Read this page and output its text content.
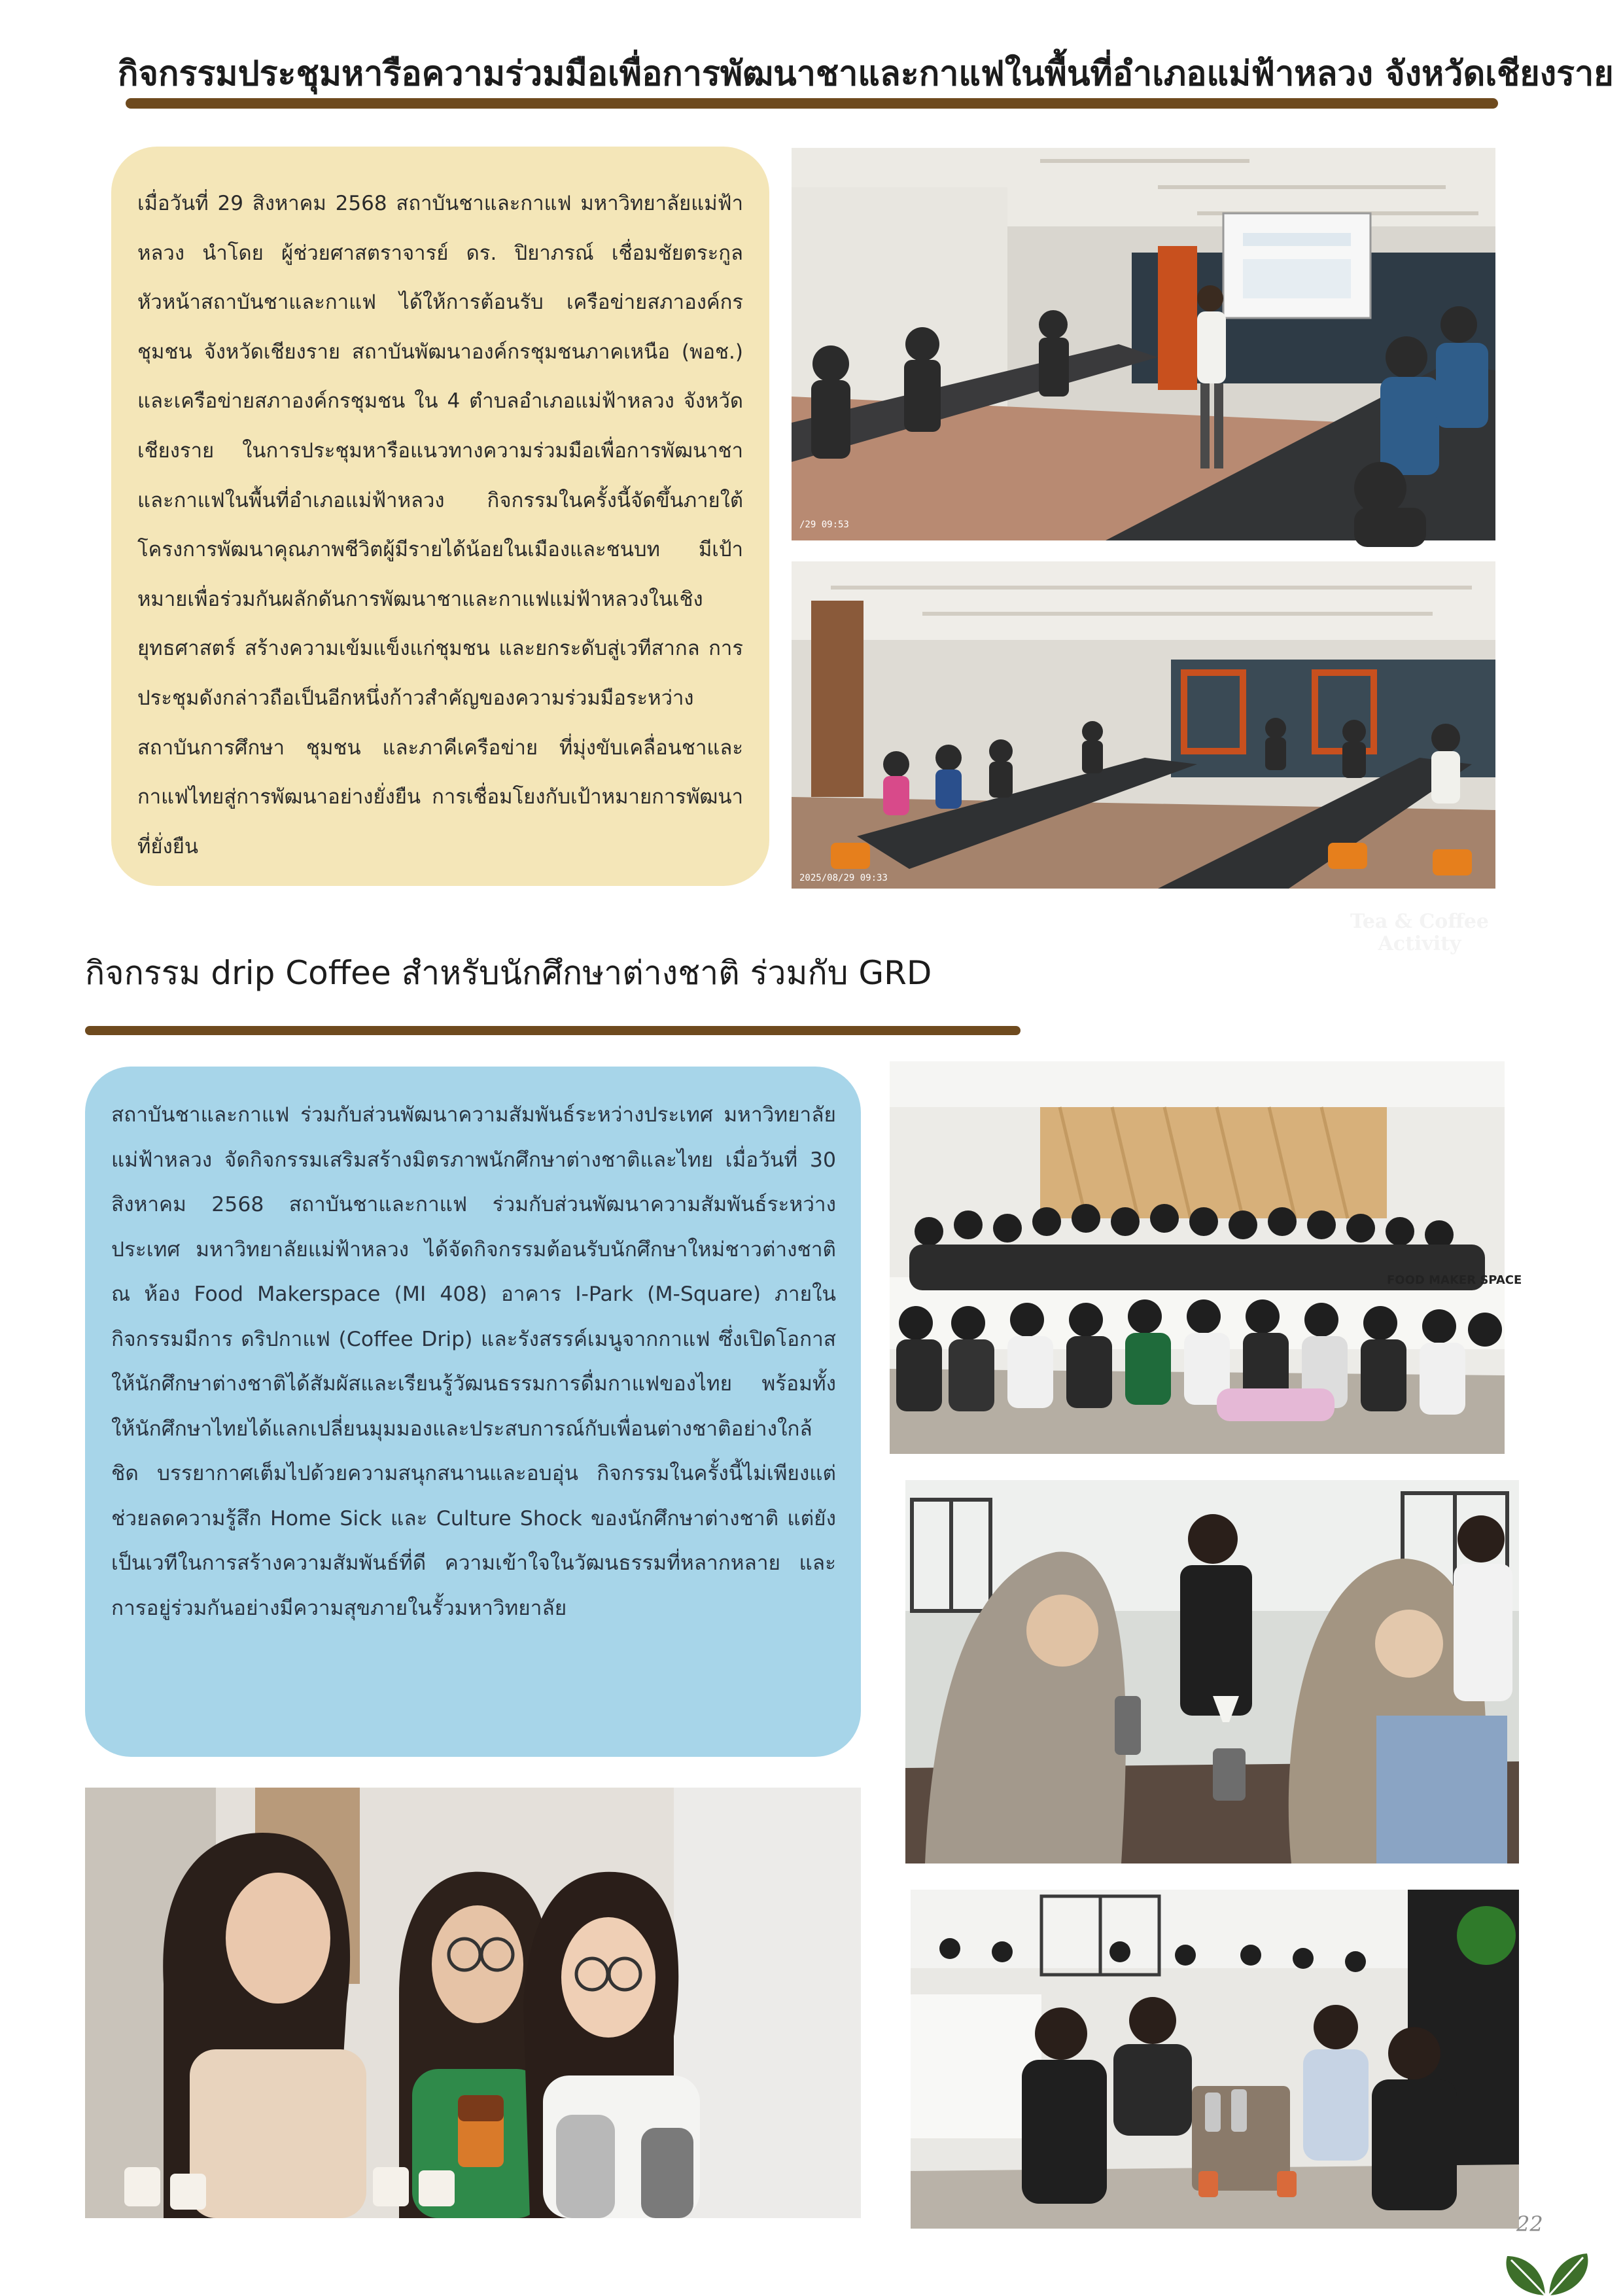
กิจกรรมประชุมหารือความร่วมมือเพื่อการพัฒนาชาและกาแฟในพื้นที่อำเภอแม่ฟ้าหลวง จังหวัดเชียงราย

เมื่อวันที่ 29 สิงหาคม 2568 สถาบันชาและกาแฟ มหาวิทยาลัยแม่ฟ้าหลวง นำโดย ผู้ช่วยศาสตราจารย์ ดร. ปิยาภรณ์ เชื่อมชัยตระกูล หัวหน้าสถาบันชาและกาแฟ ได้ให้การต้อนรับ เครือข่ายสภาองค์กรชุมชน จังหวัดเชียงราย สถาบันพัฒนาองค์กรชุมชนภาคเหนือ (พอช.) และเครือข่ายสภาองค์กรชุมชน ใน 4 ตำบลอำเภอแม่ฟ้าหลวง จังหวัดเชียงราย ในการประชุมหารือแนวทางความร่วมมือเพื่อการพัฒนาชาและกาแฟในพื้นที่อำเภอแม่ฟ้าหลวง กิจกรรมในครั้งนี้จัดขึ้นภายใต้ โครงการพัฒนาคุณภาพชีวิตผู้มีรายได้น้อยในเมืองและชนบท มีเป้าหมายเพื่อร่วมกันผลักดันการพัฒนาชาและกาแฟแม่ฟ้าหลวงในเชิงยุทธศาสตร์ สร้างความเข้มแข็งแก่ชุมชน และยกระดับสู่เวทีสากล การประชุมดังกล่าวถือเป็นอีกหนึ่งก้าวสำคัญของความร่วมมือระหว่างสถาบันการศึกษา ชุมชน และภาคีเครือข่าย ที่มุ่งขับเคลื่อนชาและกาแฟไทยสู่การพัฒนาอย่างยั่งยืน การเชื่อมโยงกับเป้าหมายการพัฒนาที่ยั่งยืน

/29 09:53
2025/08/29 09:33
Tea & Coffee
Activity
กิจกรรม drip Coffee สำหรับนักศึกษาต่างชาติ ร่วมกับ GRD

สถาบันชาและกาแฟ ร่วมกับส่วนพัฒนาความสัมพันธ์ระหว่างประเทศ มหาวิทยาลัยแม่ฟ้าหลวง จัดกิจกรรมเสริมสร้างมิตรภาพนักศึกษาต่างชาติและไทย เมื่อวันที่ 30 สิงหาคม 2568 สถาบันชาและกาแฟ ร่วมกับส่วนพัฒนาความสัมพันธ์ระหว่างประเทศ มหาวิทยาลัยแม่ฟ้าหลวง ได้จัดกิจกรรมต้อนรับนักศึกษาใหม่ชาวต่างชาติ ณ ห้อง Food Makerspace (MI 408) อาคาร I-Park (M-Square) ภายในกิจกรรมมีการ ดริปกาแฟ (Coffee Drip) และรังสรรค์เมนูจากกาแฟ ซึ่งเปิดโอกาสให้นักศึกษาต่างชาติได้สัมผัสและเรียนรู้วัฒนธรรมการดื่มกาแฟของไทย พร้อมทั้งให้นักศึกษาไทยได้แลกเปลี่ยนมุมมองและประสบการณ์กับเพื่อนต่างชาติอย่างใกล้ชิด บรรยากาศเต็มไปด้วยความสนุกสนานและอบอุ่น กิจกรรมในครั้งนี้ไม่เพียงแต่ช่วยลดความรู้สึก Home Sick และ Culture Shock ของนักศึกษาต่างชาติ แต่ยังเป็นเวทีในการสร้างความสัมพันธ์ที่ดี ความเข้าใจในวัฒนธรรมที่หลากหลาย และการอยู่ร่วมกันอย่างมีความสุขภายในรั้วมหาวิทยาลัย

FOOD MAKER SPACE
22
